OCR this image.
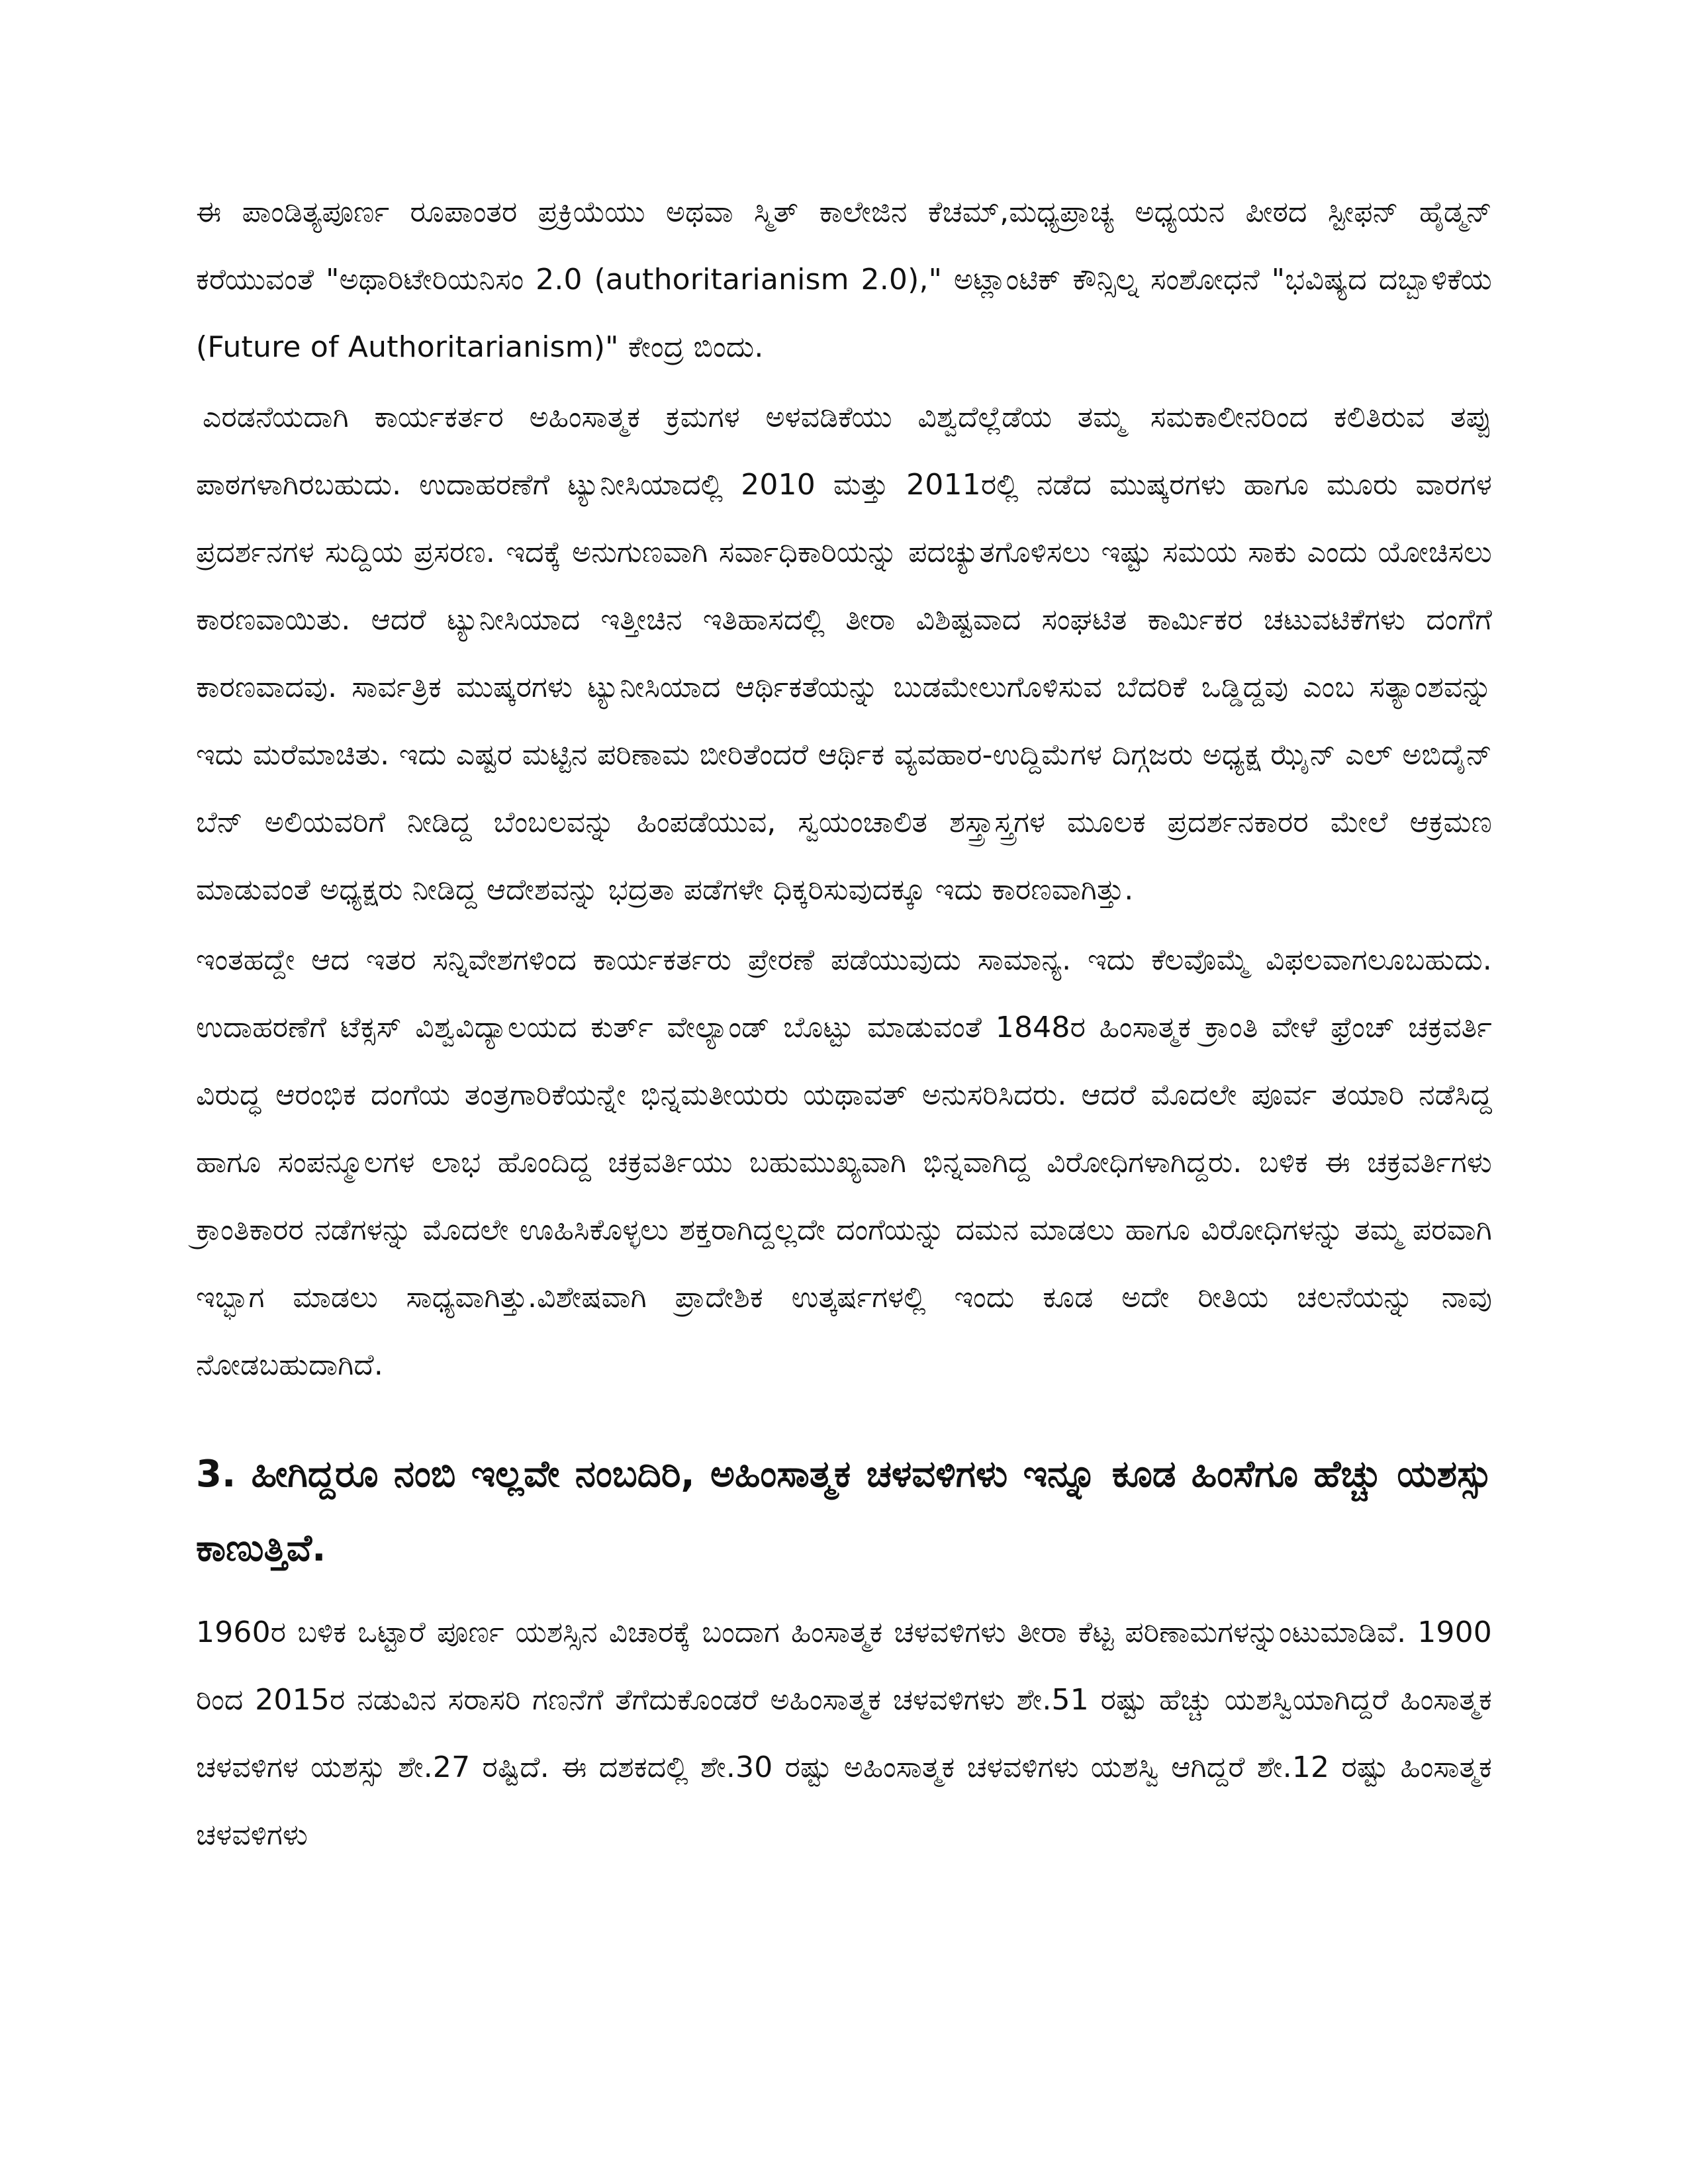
ಈ ಪಾಂಡಿತ್ಯಪೂರ್ಣ ರೂಪಾಂತರ ಪ್ರಕ್ರಿಯೆಯು ಅಥವಾ ಸ್ಮಿತ್ ಕಾಲೇಜಿನ ಕೆಚಮ್,ಮಧ್ಯಪ್ರಾಚ್ಯ ಅಧ್ಯಯನ ಪೀಠದ ಸ್ಟೀಫನ್ ಹೈಡ್ಮನ್ ಕರೆಯುವಂತೆ "ಅಥಾರಿಟೇರಿಯನಿಸಂ 2.0 (authoritarianism 2.0)," ಅಟ್ಲಾಂಟಿಕ್ ಕೌನ್ಸಿಲ್ನ ಸಂಶೋಧನೆ "ಭವಿಷ್ಯದ ದಬ್ಬಾಳಿಕೆಯ (Future of Authoritarianism)" ಕೇಂದ್ರ ಬಿಂದು.

ಎರಡನೆಯದಾಗಿ ಕಾರ್ಯಕರ್ತರ ಅಹಿಂಸಾತ್ಮಕ ಕ್ರಮಗಳ ಅಳವಡಿಕೆಯು ವಿಶ್ವದೆಲ್ಲೆಡೆಯ ತಮ್ಮ ಸಮಕಾಲೀನರಿಂದ ಕಲಿತಿರುವ ತಪ್ಪು ಪಾಠಗಳಾಗಿರಬಹುದು. ಉದಾಹರಣೆಗೆ ಟ್ಯುನೀಸಿಯಾದಲ್ಲಿ 2010 ಮತ್ತು 2011ರಲ್ಲಿ ನಡೆದ ಮುಷ್ಕರಗಳು ಹಾಗೂ ಮೂರು ವಾರಗಳ ಪ್ರದರ್ಶನಗಳ ಸುದ್ದಿಯ ಪ್ರಸರಣ. ಇದಕ್ಕೆ ಅನುಗುಣವಾಗಿ ಸರ್ವಾಧಿಕಾರಿಯನ್ನು ಪದಚ್ಯುತಗೊಳಿಸಲು ಇಷ್ಟು ಸಮಯ ಸಾಕು ಎಂದು ಯೋಚಿಸಲು ಕಾರಣವಾಯಿತು. ಆದರೆ ಟ್ಯುನೀಸಿಯಾದ ಇತ್ತೀಚಿನ ಇತಿಹಾಸದಲ್ಲಿ ತೀರಾ ವಿಶಿಷ್ಟವಾದ ಸಂಘಟಿತ ಕಾರ್ಮಿಕರ ಚಟುವಟಿಕೆಗಳು ದಂಗೆಗೆ ಕಾರಣವಾದವು. ಸಾರ್ವತ್ರಿಕ ಮುಷ್ಕರಗಳು ಟ್ಯುನೀಸಿಯಾದ ಆರ್ಥಿಕತೆಯನ್ನು ಬುಡಮೇಲುಗೊಳಿಸುವ ಬೆದರಿಕೆ ಒಡ್ಡಿದ್ದವು ಎಂಬ ಸತ್ಯಾಂಶವನ್ನು ಇದು ಮರೆಮಾಚಿತು. ಇದು ಎಷ್ಟರ ಮಟ್ಟಿನ ಪರಿಣಾಮ ಬೀರಿತೆಂದರೆ ಆರ್ಥಿಕ ವ್ಯವಹಾರ-ಉದ್ದಿಮೆಗಳ ದಿಗ್ಗಜರು ಅಧ್ಯಕ್ಷ ಝೈನ್ ಎಲ್ ಅಬಿದೈನ್ ಬೆನ್ ಅಲಿಯವರಿಗೆ ನೀಡಿದ್ದ ಬೆಂಬಲವನ್ನು ಹಿಂಪಡೆಯುವ, ಸ್ವಯಂಚಾಲಿತ ಶಸ್ತ್ರಾಸ್ತ್ರಗಳ ಮೂಲಕ ಪ್ರದರ್ಶನಕಾರರ ಮೇಲೆ ಆಕ್ರಮಣ ಮಾಡುವಂತೆ ಅಧ್ಯಕ್ಷರು ನೀಡಿದ್ದ ಆದೇಶವನ್ನು ಭದ್ರತಾ ಪಡೆಗಳೇ ಧಿಕ್ಕರಿಸುವುದಕ್ಕೂ ಇದು ಕಾರಣವಾಗಿತ್ತು.

ಇಂತಹದ್ದೇ ಆದ ಇತರ ಸನ್ನಿವೇಶಗಳಿಂದ ಕಾರ್ಯಕರ್ತರು ಪ್ರೇರಣೆ ಪಡೆಯುವುದು ಸಾಮಾನ್ಯ. ಇದು ಕೆಲವೊಮ್ಮೆ ವಿಫಲವಾಗಲೂಬಹುದು. ಉದಾಹರಣೆಗೆ ಟೆಕ್ಸಸ್ ವಿಶ್ವವಿದ್ಯಾಲಯದ ಕುರ್ತ್ ವೇಲ್ಯಾಂಡ್ ಬೊಟ್ಟು ಮಾಡುವಂತೆ 1848ರ ಹಿಂಸಾತ್ಮಕ ಕ್ರಾಂತಿ ವೇಳೆ ಫ್ರೆಂಚ್ ಚಕ್ರವರ್ತಿ ವಿರುದ್ಧ ಆರಂಭಿಕ ದಂಗೆಯ ತಂತ್ರಗಾರಿಕೆಯನ್ನೇ ಭಿನ್ನಮತೀಯರು ಯಥಾವತ್ ಅನುಸರಿಸಿದರು. ಆದರೆ ಮೊದಲೇ ಪೂರ್ವ ತಯಾರಿ ನಡೆಸಿದ್ದ ಹಾಗೂ ಸಂಪನ್ಮೂಲಗಳ ಲಾಭ ಹೊಂದಿದ್ದ ಚಕ್ರವರ್ತಿಯು ಬಹುಮುಖ್ಯವಾಗಿ ಭಿನ್ನವಾಗಿದ್ದ ವಿರೋಧಿಗಳಾಗಿದ್ದರು. ಬಳಿಕ ಈ ಚಕ್ರವರ್ತಿಗಳು ಕ್ರಾಂತಿಕಾರರ ನಡೆಗಳನ್ನು ಮೊದಲೇ ಊಹಿಸಿಕೊಳ್ಳಲು ಶಕ್ತರಾಗಿದ್ದಲ್ಲದೇ ದಂಗೆಯನ್ನು ದಮನ ಮಾಡಲು ಹಾಗೂ ವಿರೋಧಿಗಳನ್ನು ತಮ್ಮ ಪರವಾಗಿ ಇಬ್ಭಾಗ ಮಾಡಲು ಸಾಧ್ಯವಾಗಿತ್ತು.ವಿಶೇಷವಾಗಿ ಪ್ರಾದೇಶಿಕ ಉತ್ಕರ್ಷಗಳಲ್ಲಿ ಇಂದು ಕೂಡ ಅದೇ ರೀತಿಯ ಚಲನೆಯನ್ನು ನಾವು ನೋಡಬಹುದಾಗಿದೆ.

3. ಹೀಗಿದ್ದರೂ ನಂಬಿ ಇಲ್ಲವೇ ನಂಬದಿರಿ, ಅಹಿಂಸಾತ್ಮಕ ಚಳವಳಿಗಳು ಇನ್ನೂ ಕೂಡ ಹಿಂಸೆಗೂ ಹೆಚ್ಚು ಯಶಸ್ಸು ಕಾಣುತ್ತಿವೆ.

1960ರ ಬಳಿಕ ಒಟ್ಟಾರೆ ಪೂರ್ಣ ಯಶಸ್ಸಿನ ವಿಚಾರಕ್ಕೆ ಬಂದಾಗ ಹಿಂಸಾತ್ಮಕ ಚಳವಳಿಗಳು ತೀರಾ ಕೆಟ್ಟ ಪರಿಣಾಮಗಳನ್ನುಂಟುಮಾಡಿವೆ. 1900 ರಿಂದ 2015ರ ನಡುವಿನ ಸರಾಸರಿ ಗಣನೆಗೆ ತೆಗೆದುಕೊಂಡರೆ ಅಹಿಂಸಾತ್ಮಕ ಚಳವಳಿಗಳು ಶೇ.51 ರಷ್ಟು ಹೆಚ್ಚು ಯಶಸ್ವಿಯಾಗಿದ್ದರೆ ಹಿಂಸಾತ್ಮಕ ಚಳವಳಿಗಳ ಯಶಸ್ಸು ಶೇ.27 ರಷ್ಟಿದೆ. ಈ ದಶಕದಲ್ಲಿ ಶೇ.30 ರಷ್ಟು ಅಹಿಂಸಾತ್ಮಕ ಚಳವಳಿಗಳು ಯಶಸ್ವಿ ಆಗಿದ್ದರೆ ಶೇ.12 ರಷ್ಟು ಹಿಂಸಾತ್ಮಕ ಚಳವಳಿಗಳು
